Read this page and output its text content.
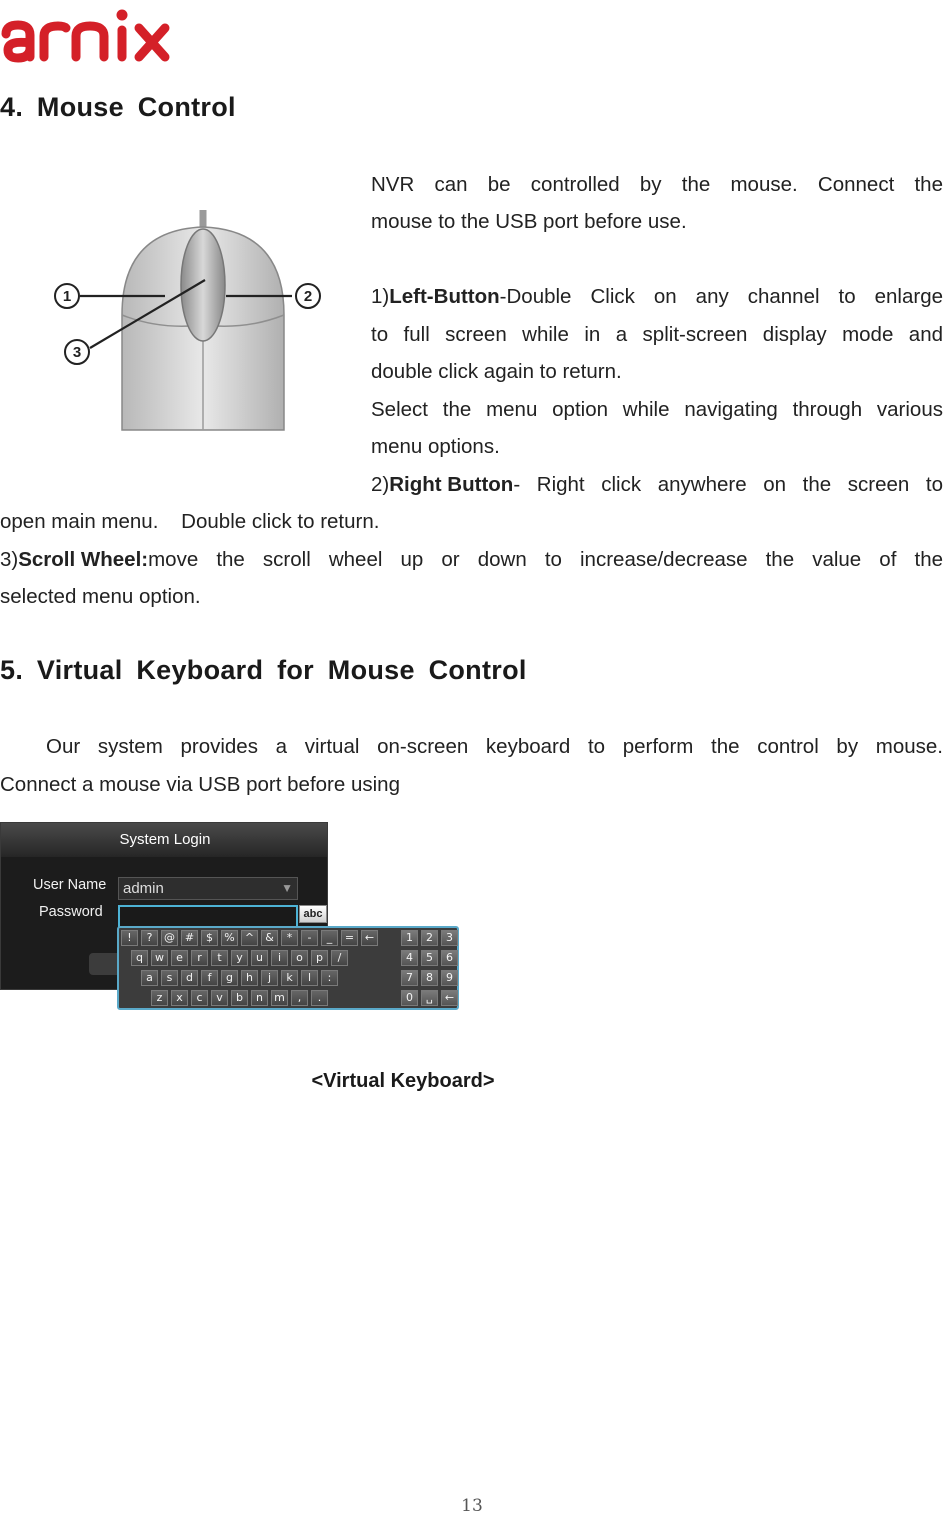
4. Mouse Control
1	2
3
NVR can be controlled by the mouse. Connect the
mouse to the USB port before use.
1) Left-Button -Double Click on any channel to enlarge
to full screen while in a split-screen display mode and
double click again to return.
Select the menu option while navigating through various
menu options.
2) Right Button - Right click anywhere on the screen to
open main menu.    Double click to return.
3) Scroll Wheel: move the scroll wheel up or down to increase/decrease the value of the
selected menu option.
5. Virtual Keyboard for Mouse Control
Our system provides a virtual on-screen keyboard to perform the control by mouse.
Connect a mouse via USB port before using
System Login
User Name	admin	▼
Password	abc
!	?	@ #	$	% ^	&	*	-	_	= ←
q	w	e	r	t	y	u	i	o	p	/
a	s	d	f	g	h	j	k	l	:
z	x	c	v	b	n	m	,	.
1	2	3
4	5	6
7	8	9
0	␣	←
<Virtual Keyboard>
13
